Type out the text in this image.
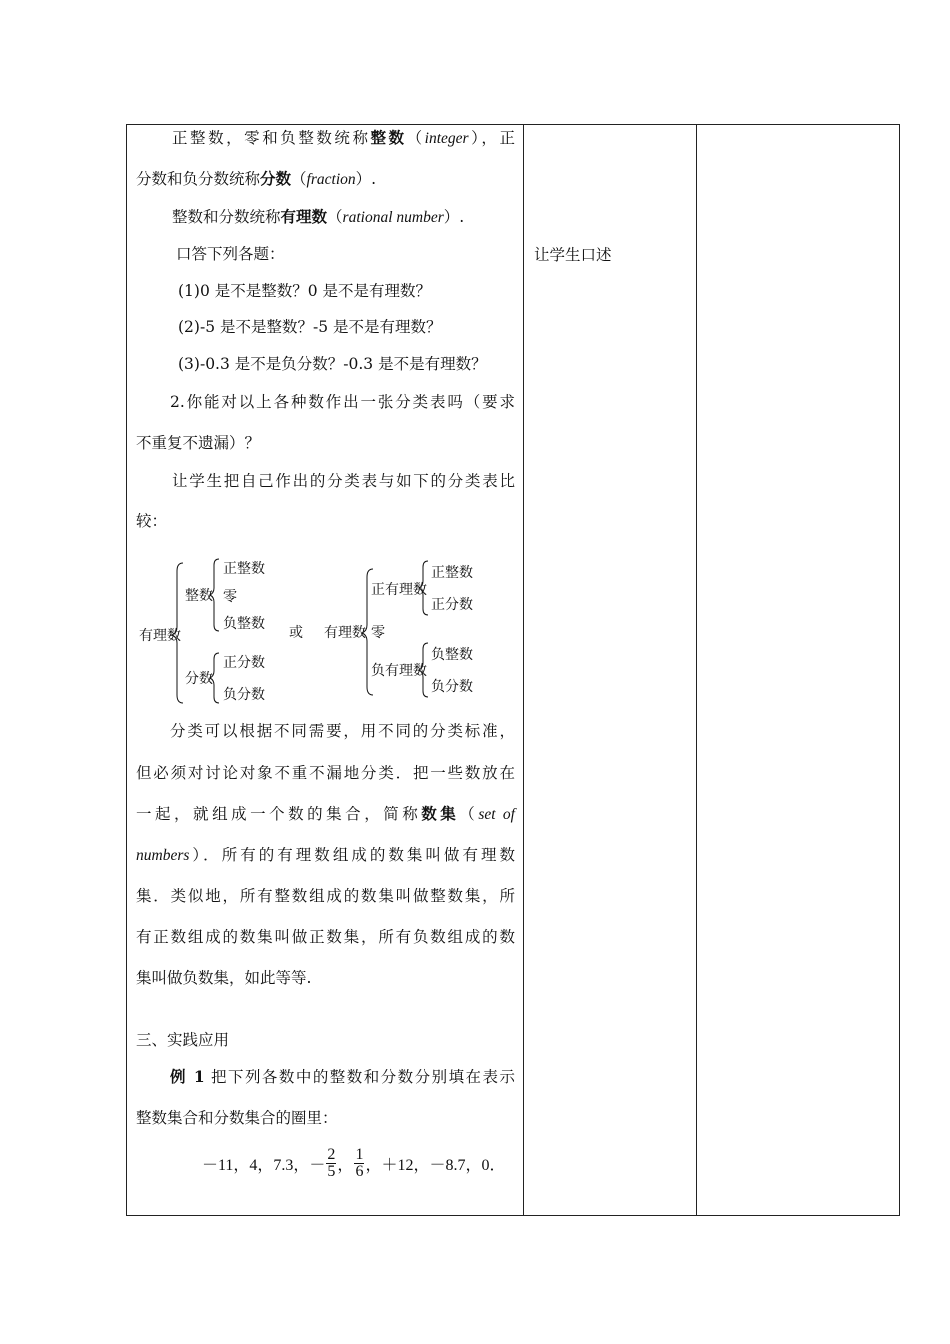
正整数，零和负整数统称整数（integer），正
分数和负分数统称分数（fraction）.
整数和分数统称有理数（rational number）.
口答下列各题：
(1)0 是不是整数？0 是不是有理数？
(2)-5 是不是整数？-5 是不是有理数？
(3)-0.3 是不是负分数？-0.3 是不是有理数？
2.你能对以上各种数作出一张分类表吗（要求
不重复不遗漏）？
让学生把自己作出的分类表与如下的分类表比
较：
有理数
整数
正整数
零
负整数
分数
正分数
负分数
或 有理数
正有理数
正整数
正分数
零
负有理数
负整数
负分数
分类可以根据不同需要，用不同的分类标准，
但必须对讨论对象不重不漏地分类．把一些数放在
一起，就组成一个数的集合，简称数集（set of
numbers）．所有的有理数组成的数集叫做有理数
集．类似地，所有整数组成的数集叫做整数集，所
有正数组成的数集叫做正数集，所有负数组成的数
集叫做负数集，如此等等.
三、实践应用
例 1 把下列各数中的整数和分数分别填在表示
整数集合和分数集合的圈里：
－11，4，7.3，－
2
5 ，
1
6 ，＋12，－8.7，0．

让学生口述
